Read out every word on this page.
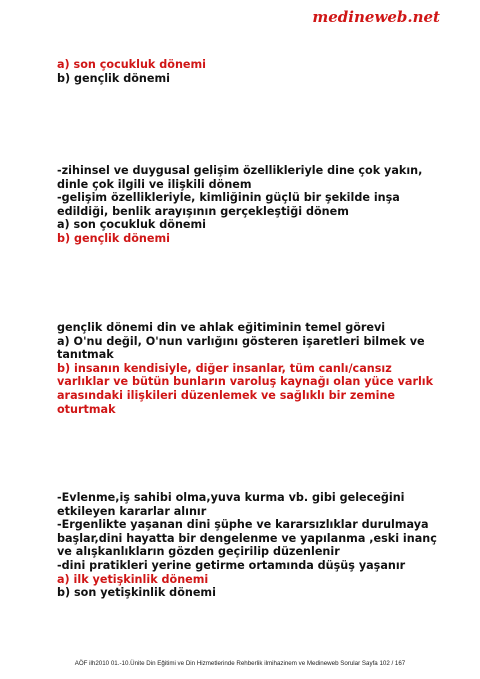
medineweb.net
a) son çocukluk dönemi
b) gençlik dönemi
-zihinsel ve duygusal gelişim özellikleriyle dine çok yakın, dinle çok ilgili ve ilişkili dönem
-gelişim özellikleriyle, kimliğinin güçlü bir şekilde inşa edildiği, benlik arayışının gerçekleştiği dönem
a) son çocukluk dönemi
b) gençlik dönemi
gençlik dönemi din ve ahlak eğitiminin temel görevi
a) O'nu değil, O'nun varlığını gösteren işaretleri bilmek ve tanıtmak
b) insanın kendisiyle, diğer insanlar, tüm canlı/cansız varlıklar ve bütün bunların varoluş kaynağı olan yüce varlık arasındaki ilişkileri düzenlemek ve sağlıklı bir zemine oturtmak
-Evlenme,iş sahibi olma,yuva kurma vb. gibi geleceğini etkileyen kararlar alınır
-Ergenlikte yaşanan dini şüphe ve kararsızlıklar durulmaya başlar,dini hayatta bir dengelenme ve yapılanma ,eski inanç ve alışkanlıkların gözden geçirilip düzenlenir
-dini pratikleri yerine getirme ortamında düşüş yaşanır
a) ilk yetişkinlik dönemi
b) son yetişkinlik dönemi
AÖF ilh2010 01.-10.Ünite Din Eğitimi ve Din Hizmetlerinde Rehberlik ilmihazinem ve Medineweb Sorular Sayfa 102 / 167
